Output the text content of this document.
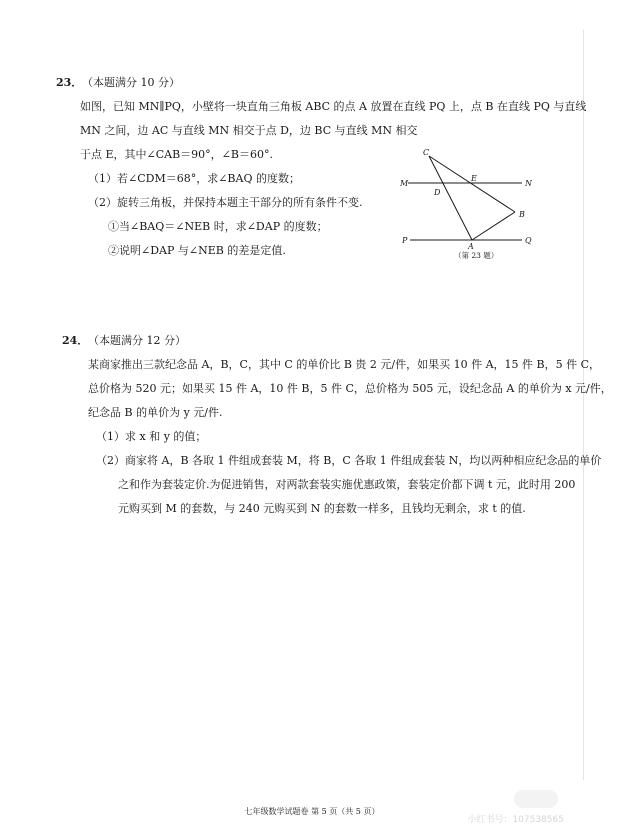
23． （本题满分 10 分）
如图，已知 MN∥PQ，小壁将一块直角三角板 ABC 的点 A 放置在直线 PQ 上，点 B 在直线 PQ 与直线
MN 之间，边 AC 与直线 MN 相交于点 D，边 BC 与直线 MN 相交
于点 E，其中∠CAB＝90°，∠B＝60°.
（1）若∠CDM＝68°，求∠BAQ 的度数；
（2）旋转三角板，并保持本题主干部分的所有条件不变.
①当∠BAQ＝∠NEB 时，求∠DAP 的度数；
②说明∠DAP 与∠NEB 的差是定值.
C
M
E
N
D
B
P
A
Q
（第 23 题）
24． （本题满分 12 分）
某商家推出三款纪念品 A，B，C，其中 C 的单价比 B 贵 2 元/件，如果买 10 件 A，15 件 B，5 件 C，
总价格为 520 元；如果买 15 件 A，10 件 B，5 件 C，总价格为 505 元，设纪念品 A 的单价为 x 元/件，
纪念品 B 的单价为 y 元/件.
（1）求 x 和 y 的值；
（2）商家将 A，B 各取 1 件组成套装 M，将 B，C 各取 1 件组成套装 N，均以两种相应纪念品的单价
之和作为套装定价.为促进销售，对两款套装实施优惠政策，套装定价都下调 t 元，此时用 200
元购买到 M 的套数，与 240 元购买到 N 的套数一样多，且钱均无剩余，求 t 的值.
七年级数学试题卷 第 5 页（共 5 页）
小红书号：107538565
